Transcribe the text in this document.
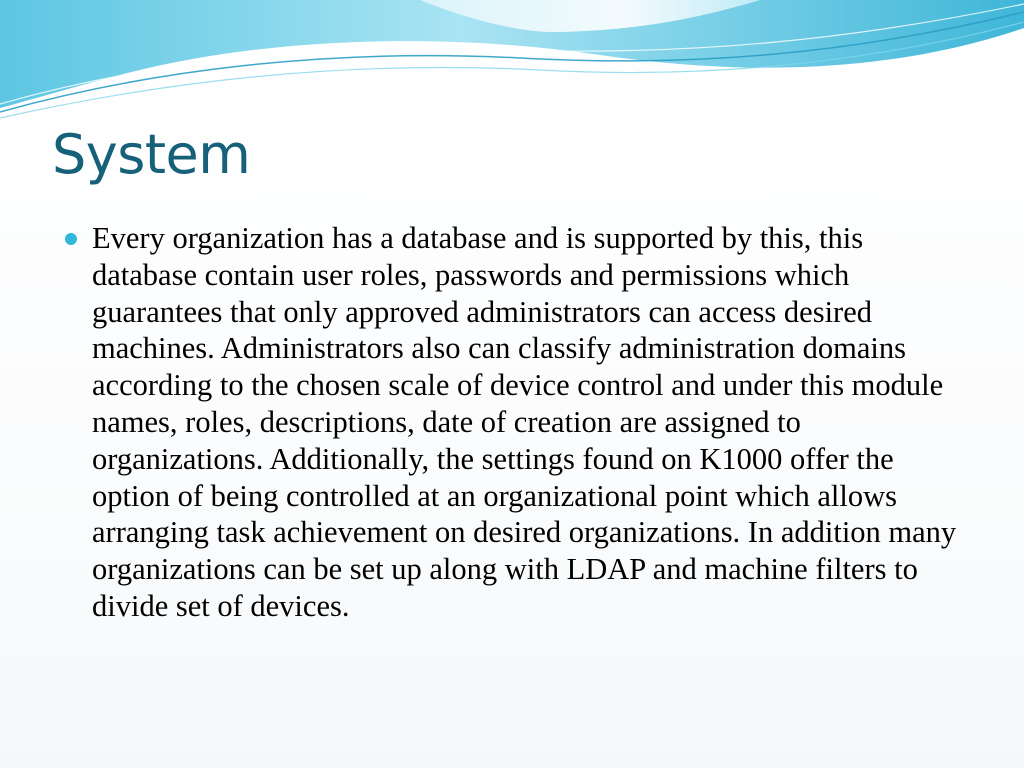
System
Every organization has a database and is supported by this, this database contain user roles, passwords and permissions which guarantees that only approved administrators can access desired machines. Administrators also can classify administration domains according to the chosen scale of device control and under this module names, roles, descriptions, date of creation are assigned to organizations. Additionally, the settings found on K1000 offer the option of being controlled at an organizational point which allows arranging task achievement on desired organizations. In addition many organizations can be set up along with LDAP and machine filters to divide set of devices.
